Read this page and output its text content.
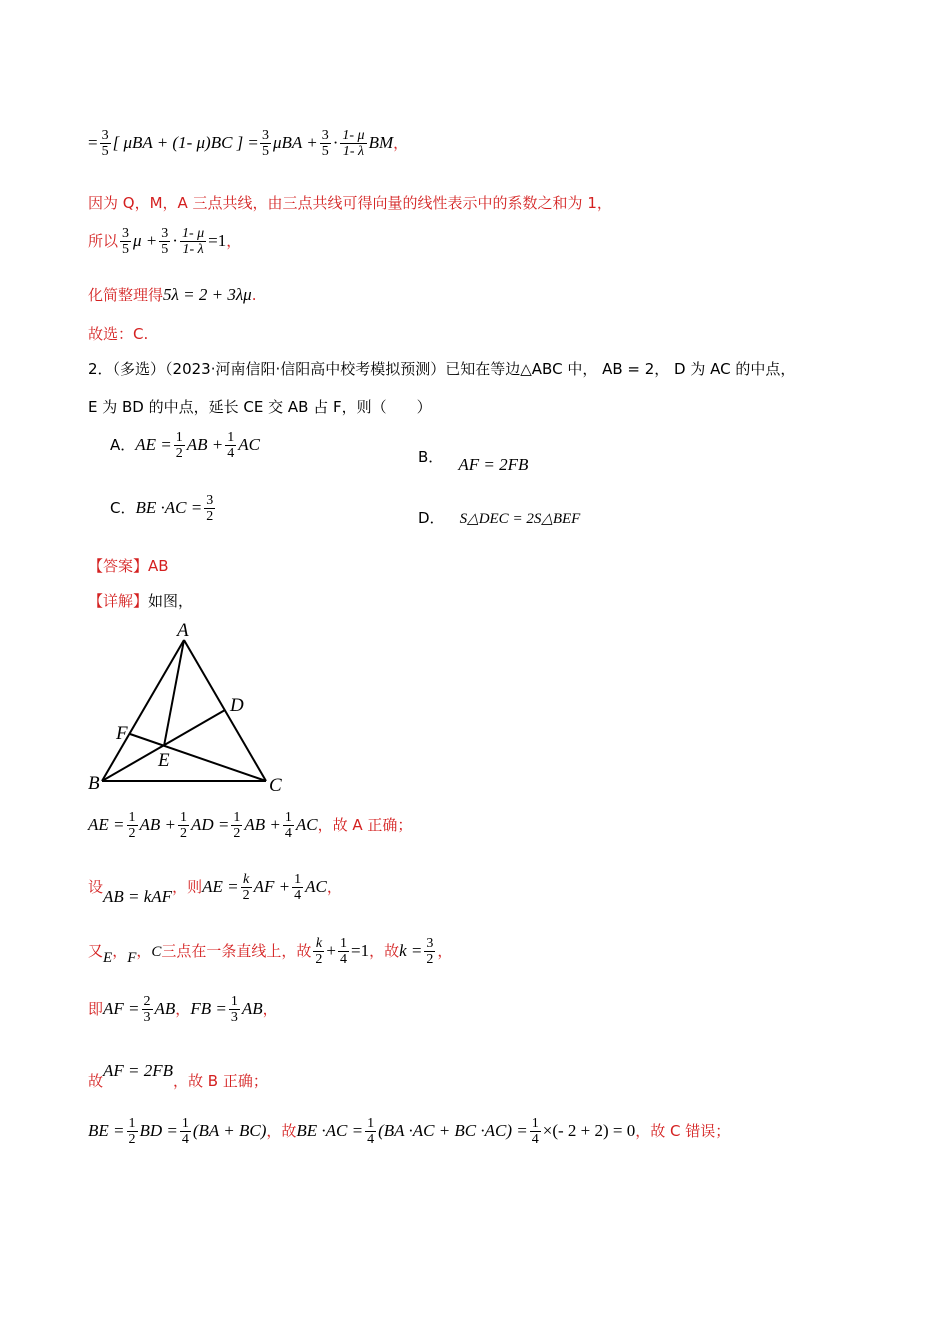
= $\frac{3}{5}$ [ μBA + (1- μ)BC ] = $\frac{3}{5}$ $\mu BA + \frac{3}{5} \cdot \frac{1- \mu}{1- \lambda}$ BM，
因为 Q，M，A 三点共线，由三点共线可得向量的线性表示中的系数之和为 1，
所以 $\frac{3}{5}$ $\mu + \frac{3}{5} \cdot \frac{1- \mu}{1- \lambda} =1$，
化简整理得5λ = 2 + 3λμ.
故选：C.
2．（多选）（2023·河南信阳·信阳高中校考模拟预测）已知在等边△ABC 中， AB = 2， D 为 AC 的中点，
E 为 BD 的中点，延长 CE 交 AB 占 F，则（　　）
A．AE = $\frac{1}{2}$ AB + $\frac{1}{4}$ AC
B． AF = 2FB
C．BE $\cdot AC = \frac{3}{2}$	D． S△DEC = 2S△BEF
【答案】AB
【详解】如图，
A
B	C
D
E
F
AE = $\frac{1}{2}$ AB + $\frac{1}{2}$ AD = $\frac{1}{2}$ AB + $\frac{1}{4}$ AC，故 A 正确；
设AB = kAF，则AE = $\frac{k}{2}$ AF + $\frac{1}{4}$ AC，
又E，F，C三点在一条直线上，故 $\frac{k}{2} + \frac{1}{4} =1$，故$k = \frac{3}{2}$ ，
即AF = $\frac{2}{3}$ AB，FB = $\frac{1}{3}$ AB，
故AF = 2FB，故 B 正确；
BE = $\frac{1}{2}$ BD = $\frac{1}{4} (BA + BC)$，故BE $\cdot AC = \frac{1}{4} (BA \cdot AC$ + BC $\cdot AC) = \frac{1}{4}$ ×(- 2 + 2) = 0，故 C 错误；
